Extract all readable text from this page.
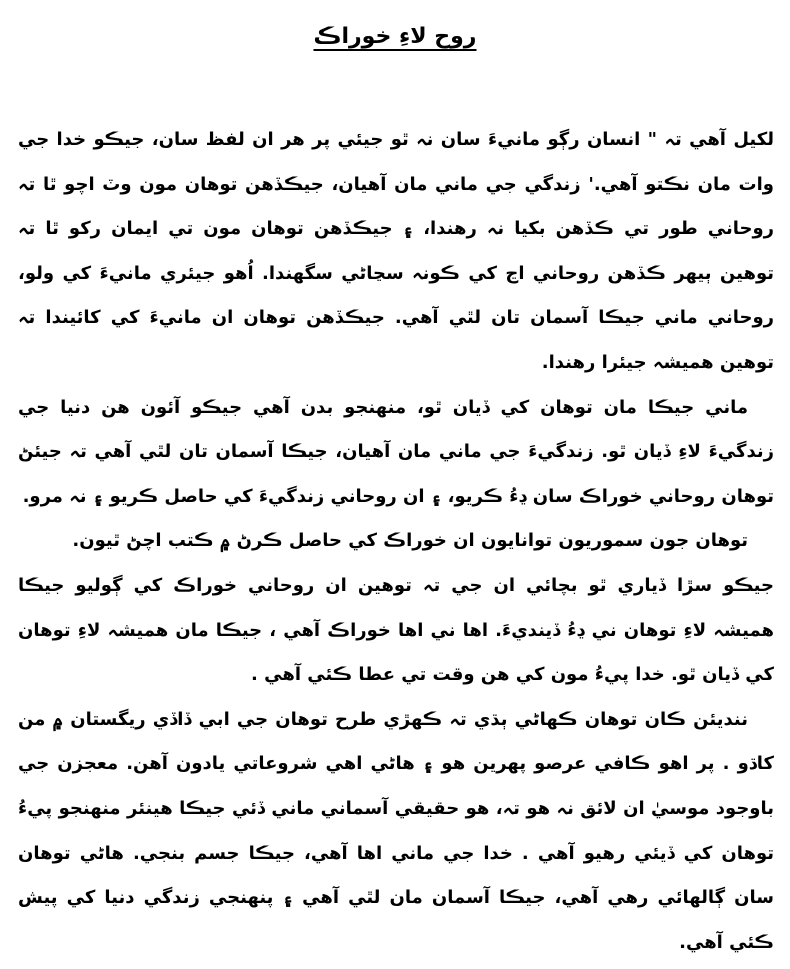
روح لاءِ خوراڪ

لکيل آهي تہ " انسان رڳو مانيءَ سان نہ ٿو جيئي پر هر ان لفظ سان، جيڪو خدا جي وات مان نڪتو آهي.' زندگي جي ماني مان آهيان، جيڪڏهن توهان مون وٽ اچو ٿا تہ روحاني طور تي ڪڏهن بکيا نہ رهندا، ۽ جيڪڏهن توهان مون تي ايمان رکو ٿا تہ توهين ٻيهر ڪڏهن روحاني اڃ کي ڪونہ سڃاڻي سگهندا. اُهو جيئري مانيءَ کي ولو، روحاني ماني جيڪا آسمان تان لٿي آهي. جيڪڏهن توهان ان مانيءَ کي کائيندا تہ توهين هميشہ جيئرا رهندا.

ماني جيڪا مان توهان کي ڏيان ٿو، منهنجو بدن آهي جيڪو آئون هن دنيا جي زندگيءَ لاءِ ڏيان ٿو. زندگيءَ جي ماني مان آهيان، جيڪا آسمان تان لٿي آهي تہ جيئڻ توهان روحاني خوراڪ سان ڍءُ ڪريو، ۽ ان روحاني زندگيءَ کي حاصل ڪريو ۽ نہ مرو.

توهان جون سموريون توانايون ان خوراڪ کي حاصل ڪرڻ ۾ ڪتب اچڻ ٿيون.

جيڪو سڙا ڏياري ٿو بچائي ان جي تہ توهين ان روحاني خوراڪ کي ڳوليو جيڪا هميشہ لاءِ توهان ني ڍءُ ڏينديءَ. اها ني اها خوراڪ آهي ، جيڪا مان هميشہ لاءِ توهان کي ڏيان ٿو. خدا پيءُ مون کي هن وقت تي عطا ڪئي آهي .

ننديئن ڪان توهان ڪهاڻي ٻڌي تہ ڪهڙي طرح توهان جي ابي ڏاڏي ريگستان ۾ من کاڌو . پر اهو ڪافي عرصو پهرين هو ۽ هاڻي اهي شروعاتي يادون آهن. معجزن جي باوجود موسيٰ ان لائق نہ هو تہ، هو حقيقي آسماني ماني ڏئي جيڪا هينئر منهنجو پيءُ توهان کي ڏيئي رهيو آهي . خدا جي ماني اها آهي، جيڪا جسم بنجي. هاڻي توهان سان ڳالهائي رهي آهي، جيڪا آسمان مان لٿي آهي ۽ پنهنجي زندگي دنيا کي پيش ڪئي آهي.
